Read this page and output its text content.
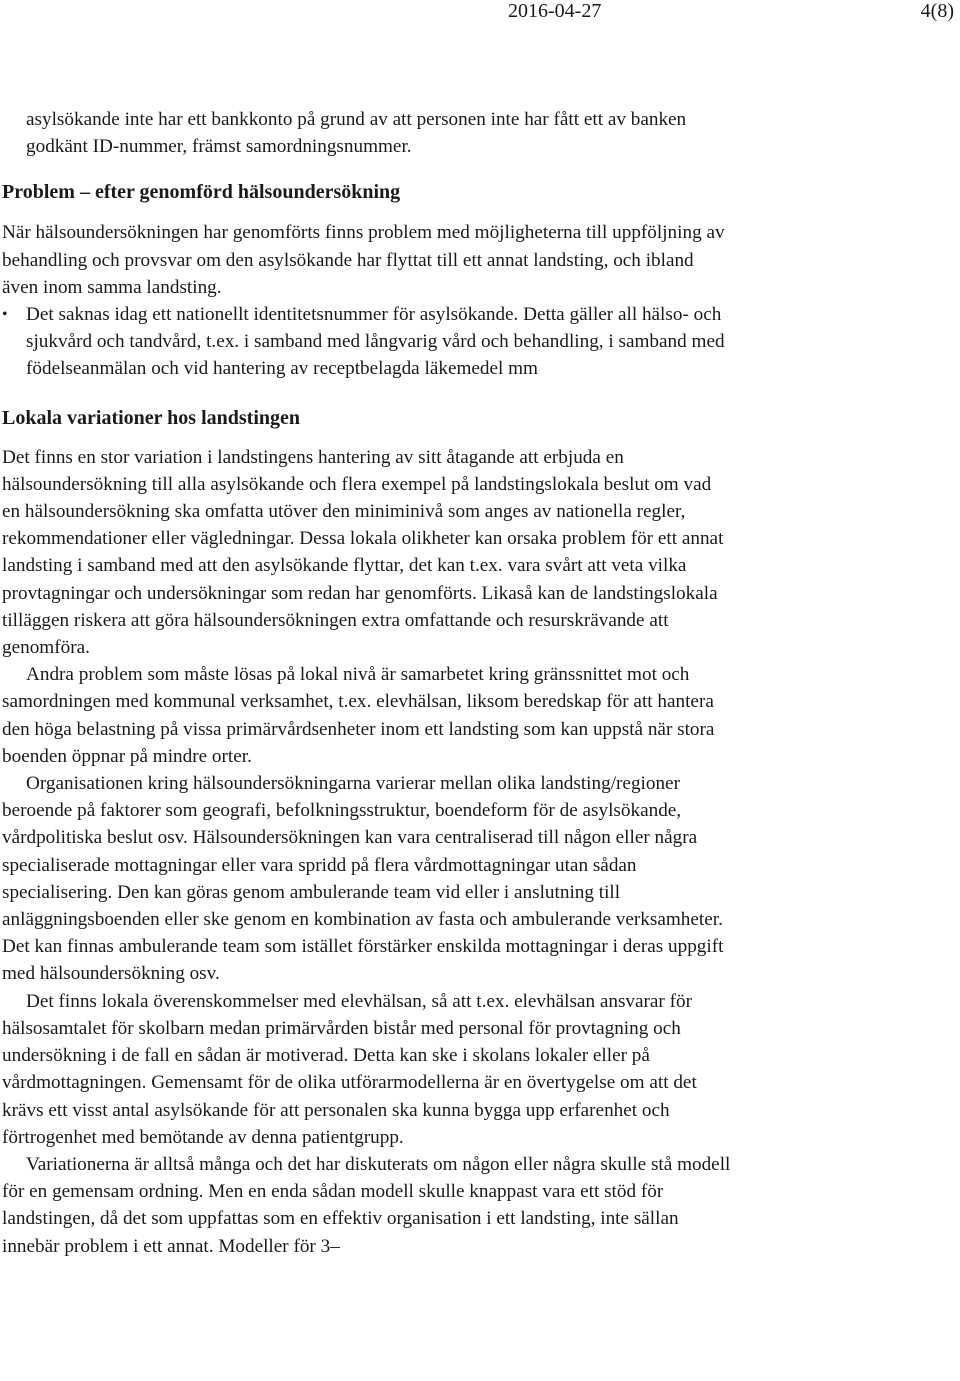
2016-04-27	4(8)

asylsökande inte har ett bankkonto på grund av att personen inte har fått ett av banken godkänt ID-nummer, främst samordningsnummer.

Problem – efter genomförd hälsoundersökning

När hälsoundersökningen har genomförts finns problem med möjligheterna till uppföljning av behandling och provsvar om den asylsökande har flyttat till ett annat landsting, och ibland även inom samma landsting.

• Det saknas idag ett nationellt identitetsnummer för asylsökande. Detta gäller all hälso- och sjukvård och tandvård, t.ex. i samband med långvarig vård och behandling, i samband med födelseanmälan och vid hantering av receptbelagda läkemedel mm
Lokala variationer hos landstingen

Det finns en stor variation i landstingens hantering av sitt åtagande att erbjuda en hälsoundersökning till alla asylsökande och flera exempel på landstingslokala beslut om vad en hälsoundersökning ska omfatta utöver den miniminivå som anges av nationella regler, rekommendationer eller vägledningar. Dessa lokala olikheter kan orsaka problem för ett annat landsting i samband med att den asylsökande flyttar, det kan t.ex. vara svårt att veta vilka provtagningar och undersökningar som redan har genomförts. Likaså kan de landstingslokala tilläggen riskera att göra hälsoundersökningen extra omfattande och resurskrävande att genomföra.

Andra problem som måste lösas på lokal nivå är samarbetet kring gränssnittet mot och samordningen med kommunal verksamhet, t.ex. elevhälsan, liksom beredskap för att hantera den höga belastning på vissa primärvårdsenheter inom ett landsting som kan uppstå när stora boenden öppnar på mindre orter.

Organisationen kring hälsoundersökningarna varierar mellan olika landsting/regioner beroende på faktorer som geografi, befolkningsstruktur, boendeform för de asylsökande, vårdpolitiska beslut osv. Hälsoundersökningen kan vara centraliserad till någon eller några specialiserade mottagningar eller vara spridd på flera vårdmottagningar utan sådan specialisering. Den kan göras genom ambulerande team vid eller i anslutning till anläggningsboenden eller ske genom en kombination av fasta och ambulerande verksamheter. Det kan finnas ambulerande team som istället förstärker enskilda mottagningar i deras uppgift med hälsoundersökning osv.

Det finns lokala överenskommelser med elevhälsan, så att t.ex. elevhälsan ansvarar för hälsosamtalet för skolbarn medan primärvården bistår med personal för provtagning och undersökning i de fall en sådan är motiverad. Detta kan ske i skolans lokaler eller på vårdmottagningen. Gemensamt för de olika utförarmodellerna är en övertygelse om att det krävs ett visst antal asylsökande för att personalen ska kunna bygga upp erfarenhet och förtrogenhet med bemötande av denna patientgrupp.

Variationerna är alltså många och det har diskuterats om någon eller några skulle stå modell för en gemensam ordning. Men en enda sådan modell skulle knappast vara ett stöd för landstingen, då det som uppfattas som en effektiv organisation i ett landsting, inte sällan innebär problem i ett annat. Modeller för 3–
